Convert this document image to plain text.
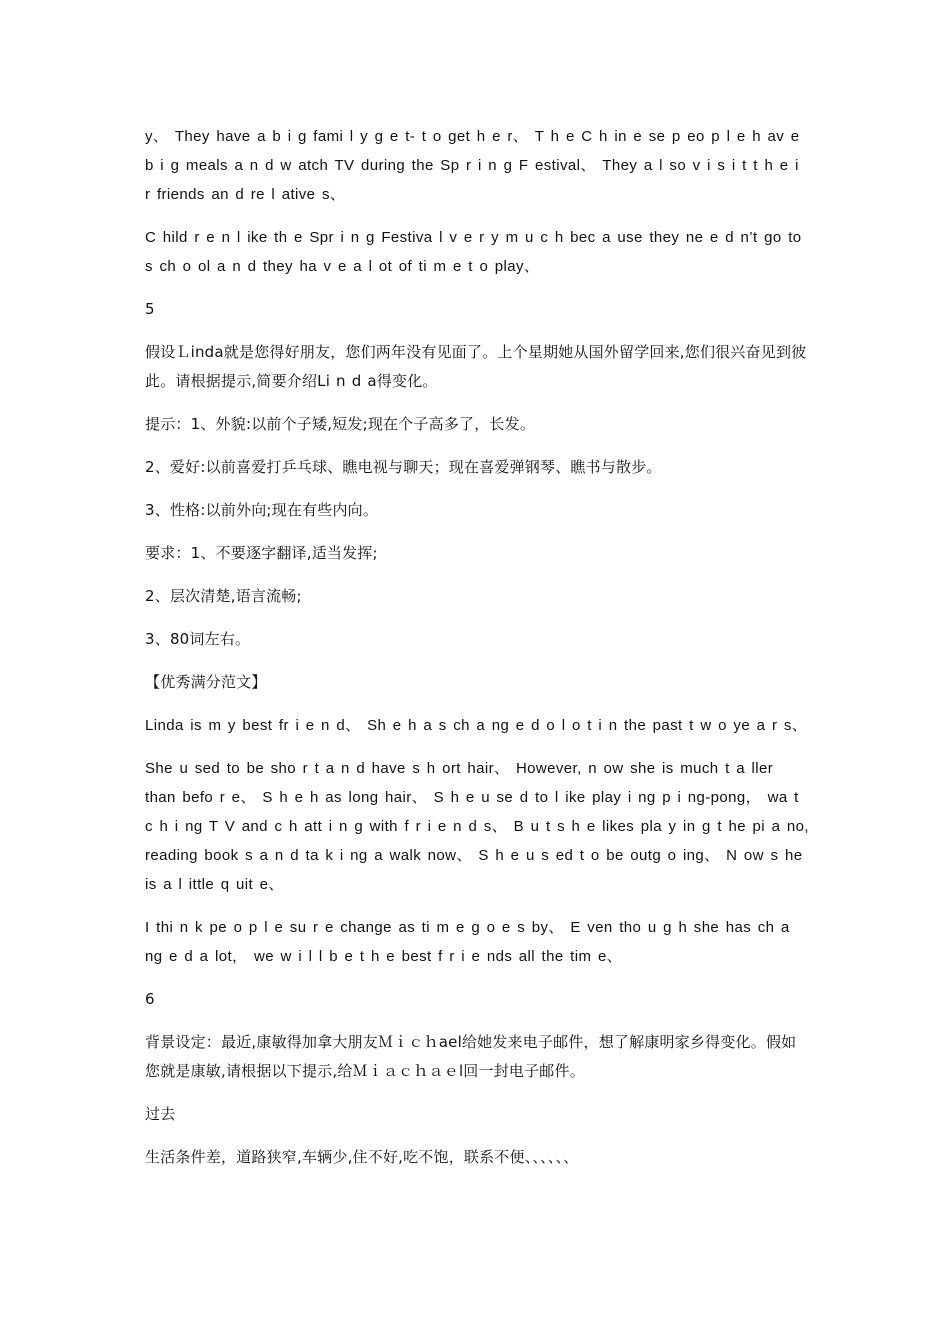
y、 They have a b i g fami l y g e t- t o get h e r、 T h e C h in e se p eo p l e h av e b i g meals a n d w atch TV during the Sp r i n g F estival、 They a l so v i s i t t h e i r friends an d re l ative s、

C hild r e n l ike th e Spr i n g Festiva l v e r y m u c h bec a use they ne e d n’t go to s ch o ol a n d they ha v e a l ot of ti m e t o play、

5

假设Ｌinda就是您得好朋友，您们两年没有见面了。上个星期她从国外留学回来,您们很兴奋见到彼此。请根据提示,简要介绍Li n d a得变化。

提示：1、外貌:以前个子矮,短发;现在个子高多了，长发。

2、爱好:以前喜爱打乒乓球、瞧电视与聊天；现在喜爱弹钢琴、瞧书与散步。

3、性格:以前外向;现在有些内向。

要求：1、不要逐字翻译,适当发挥;

2、层次清楚,语言流畅;

3、80词左右。

【优秀满分范文】

Linda is m y best fr i e n d、 Sh e h a s ch a ng e d o l o t i n the past t w o ye a r s、

She u sed to be sho r t a n d have s h ort hair、 However, n ow she is much t a ller than befo r e、 S h e h as long hair、 S h e u se d to l ike play i ng p i ng-pong， wa t c h i ng T V and c h att i n g with f r i e n d s、 B u t s h e likes pla y in g t he pi a no, reading book s a n d ta k i ng a walk now、 S h e u s ed t o be outg o ing、 N ow s he is a l ittle q uit e、

I thi n k pe o p l e su r e change as ti m e g o e s by、 E ven tho u g h she has ch a ng e d a lot， we w i l l b e t h e best f r i e nds all the tim e、

6

背景设定：最近,康敏得加拿大朋友Ｍｉｃｈael给她发来电子邮件，想了解康明家乡得变化。假如您就是康敏,请根据以下提示,给Ｍｉａｃｈａｅl回一封电子邮件。

过去

生活条件差，道路狭窄,车辆少,住不好,吃不饱，联系不便、、、、、、
